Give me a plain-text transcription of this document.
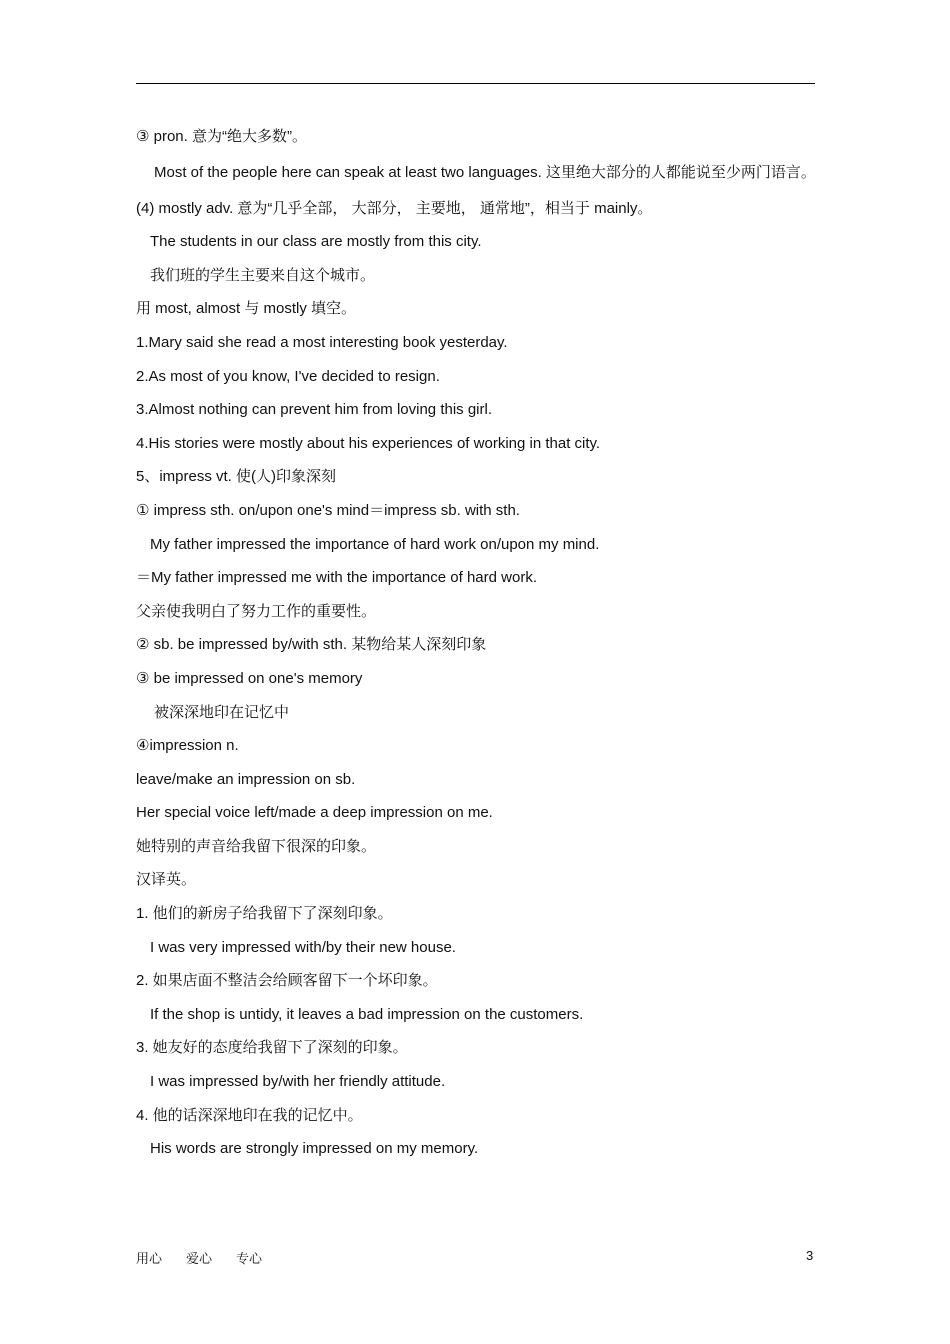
③ pron. 意为“绝大多数”。
Most of the people here can speak at least two languages. 这里绝大部分的人都能说至少两门语言。
(4) mostly adv. 意为“几乎全部， 大部分， 主要地， 通常地”，相当于 mainly。
The students in our class are mostly from this city.
我们班的学生主要来自这个城市。
用 most, almost 与 mostly 填空。
1.Mary said she read a most interesting book yesterday.
2.As most of you know, I've decided to resign.
3.Almost nothing can prevent him from loving this girl.
4.His stories were mostly about his experiences of working in that city.
5、impress vt. 使(人)印象深刻
① impress sth. on/upon one's mind＝impress sb. with sth.
My father impressed the importance of hard work on/upon my mind.
＝My father impressed me with the importance of hard work.
父亲使我明白了努力工作的重要性。
② sb. be impressed by/with sth. 某物给某人深刻印象
③ be impressed on one's memory
被深深地印在记忆中
④impression n.
leave/make an impression on sb.
Her special voice left/made a deep impression on me.
她特别的声音给我留下很深的印象。
汉译英。
1. 他们的新房子给我留下了深刻印象。
I was very impressed with/by their new house.
2. 如果店面不整洁会给顾客留下一个坏印象。
If the shop is untidy, it leaves a bad impression on the customers.
3. 她友好的态度给我留下了深刻的印象。
I was impressed by/with her friendly attitude.
4. 他的话深深地印在我的记忆中。
His words are strongly impressed on my memory.
用心 爱心 专心	3
